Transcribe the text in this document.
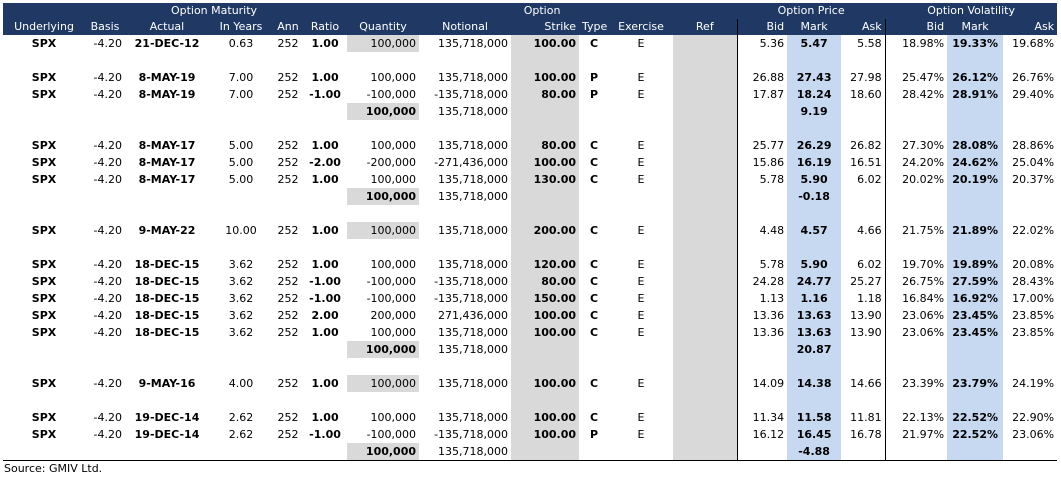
		Option Maturity				Option						Option Price			Option Volatility		
Underlying	Basis	Actual	In Years	Ann	Ratio	Quantity	Notional	Strike	Type	Exercise	Ref	Bid	Mark	Ask	Bid	Mark	Ask
SPX	-4.20	21-DEC-12	0.63	252	1.00	100,000	135,718,000	100.00	C	E		5.36	5.47	5.58	18.98%	19.33%	19.68%

SPX	-4.20	8-MAY-19	7.00	252	1.00	100,000	135,718,000	100.00	P	E		26.88	27.43	27.98	25.47%	26.12%	26.76%
SPX	-4.20	8-MAY-19	7.00	252	-1.00	-100,000	-135,718,000	80.00	P	E		17.87	18.24	18.60	28.42%	28.91%	29.40%
						100,000	135,718,000						9.19				

SPX	-4.20	8-MAY-17	5.00	252	1.00	100,000	135,718,000	80.00	C	E		25.77	26.29	26.82	27.30%	28.08%	28.86%
SPX	-4.20	8-MAY-17	5.00	252	-2.00	-200,000	-271,436,000	100.00	C	E		15.86	16.19	16.51	24.20%	24.62%	25.04%
SPX	-4.20	8-MAY-17	5.00	252	1.00	100,000	135,718,000	130.00	C	E		5.78	5.90	6.02	20.02%	20.19%	20.37%
						100,000	135,718,000						-0.18				

SPX	-4.20	9-MAY-22	10.00	252	1.00	100,000	135,718,000	200.00	C	E		4.48	4.57	4.66	21.75%	21.89%	22.02%

SPX	-4.20	18-DEC-15	3.62	252	1.00	100,000	135,718,000	120.00	C	E		5.78	5.90	6.02	19.70%	19.89%	20.08%
SPX	-4.20	18-DEC-15	3.62	252	-1.00	-100,000	-135,718,000	80.00	C	E		24.28	24.77	25.27	26.75%	27.59%	28.43%
SPX	-4.20	18-DEC-15	3.62	252	-1.00	-100,000	-135,718,000	150.00	C	E		1.13	1.16	1.18	16.84%	16.92%	17.00%
SPX	-4.20	18-DEC-15	3.62	252	2.00	200,000	271,436,000	100.00	C	E		13.36	13.63	13.90	23.06%	23.45%	23.85%
SPX	-4.20	18-DEC-15	3.62	252	1.00	100,000	135,718,000	100.00	C	E		13.36	13.63	13.90	23.06%	23.45%	23.85%
						100,000	135,718,000						20.87				

SPX	-4.20	9-MAY-16	4.00	252	1.00	100,000	135,718,000	100.00	C	E		14.09	14.38	14.66	23.39%	23.79%	24.19%

SPX	-4.20	19-DEC-14	2.62	252	1.00	100,000	135,718,000	100.00	C	E		11.34	11.58	11.81	22.13%	22.52%	22.90%
SPX	-4.20	19-DEC-14	2.62	252	-1.00	-100,000	-135,718,000	100.00	P	E		16.12	16.45	16.78	21.97%	22.52%	23.06%
						100,000	135,718,000						-4.88				
Source: GMIV Ltd.
